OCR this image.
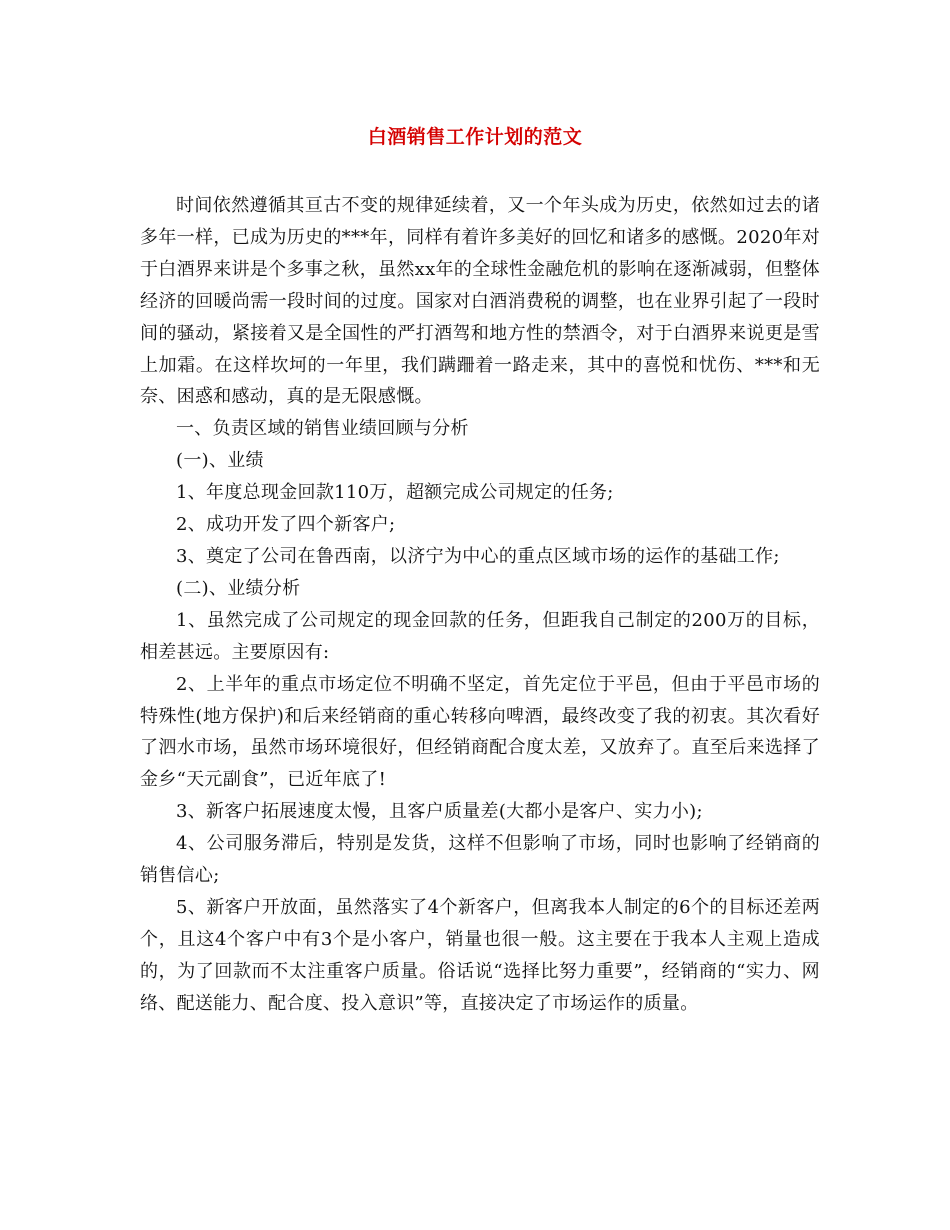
白酒销售工作计划的范文

时间依然遵循其亘古不变的规律延续着，又一个年头成为历史，依然如过去的诸多年一样，已成为历史的***年，同样有着许多美好的回忆和诸多的感慨。2020年对于白酒界来讲是个多事之秋，虽然xx年的全球性金融危机的影响在逐渐减弱，但整体经济的回暖尚需一段时间的过度。国家对白酒消费税的调整，也在业界引起了一段时间的骚动，紧接着又是全国性的严打酒驾和地方性的禁酒令，对于白酒界来说更是雪上加霜。在这样坎坷的一年里，我们蹒跚着一路走来，其中的喜悦和忧伤、***和无奈、困惑和感动，真的是无限感慨。

一、负责区域的销售业绩回顾与分析

(一)、业绩

1、年度总现金回款110万，超额完成公司规定的任务;

2、成功开发了四个新客户;

3、奠定了公司在鲁西南，以济宁为中心的重点区域市场的运作的基础工作;

(二)、业绩分析

1、虽然完成了公司规定的现金回款的任务，但距我自己制定的200万的目标，相差甚远。主要原因有:

2、上半年的重点市场定位不明确不坚定，首先定位于平邑，但由于平邑市场的特殊性(地方保护)和后来经销商的重心转移向啤酒，最终改变了我的初衷。其次看好了泗水市场，虽然市场环境很好，但经销商配合度太差，又放弃了。直至后来选择了金乡“天元副食”，已近年底了!

3、新客户拓展速度太慢，且客户质量差(大都小是客户、实力小);

4、公司服务滞后，特别是发货，这样不但影响了市场，同时也影响了经销商的销售信心;

5、新客户开放面，虽然落实了4个新客户，但离我本人制定的6个的目标还差两个，且这4个客户中有3个是小客户，销量也很一般。这主要在于我本人主观上造成的，为了回款而不太注重客户质量。俗话说“选择比努力重要”，经销商的“实力、网络、配送能力、配合度、投入意识”等，直接决定了市场运作的质量。
